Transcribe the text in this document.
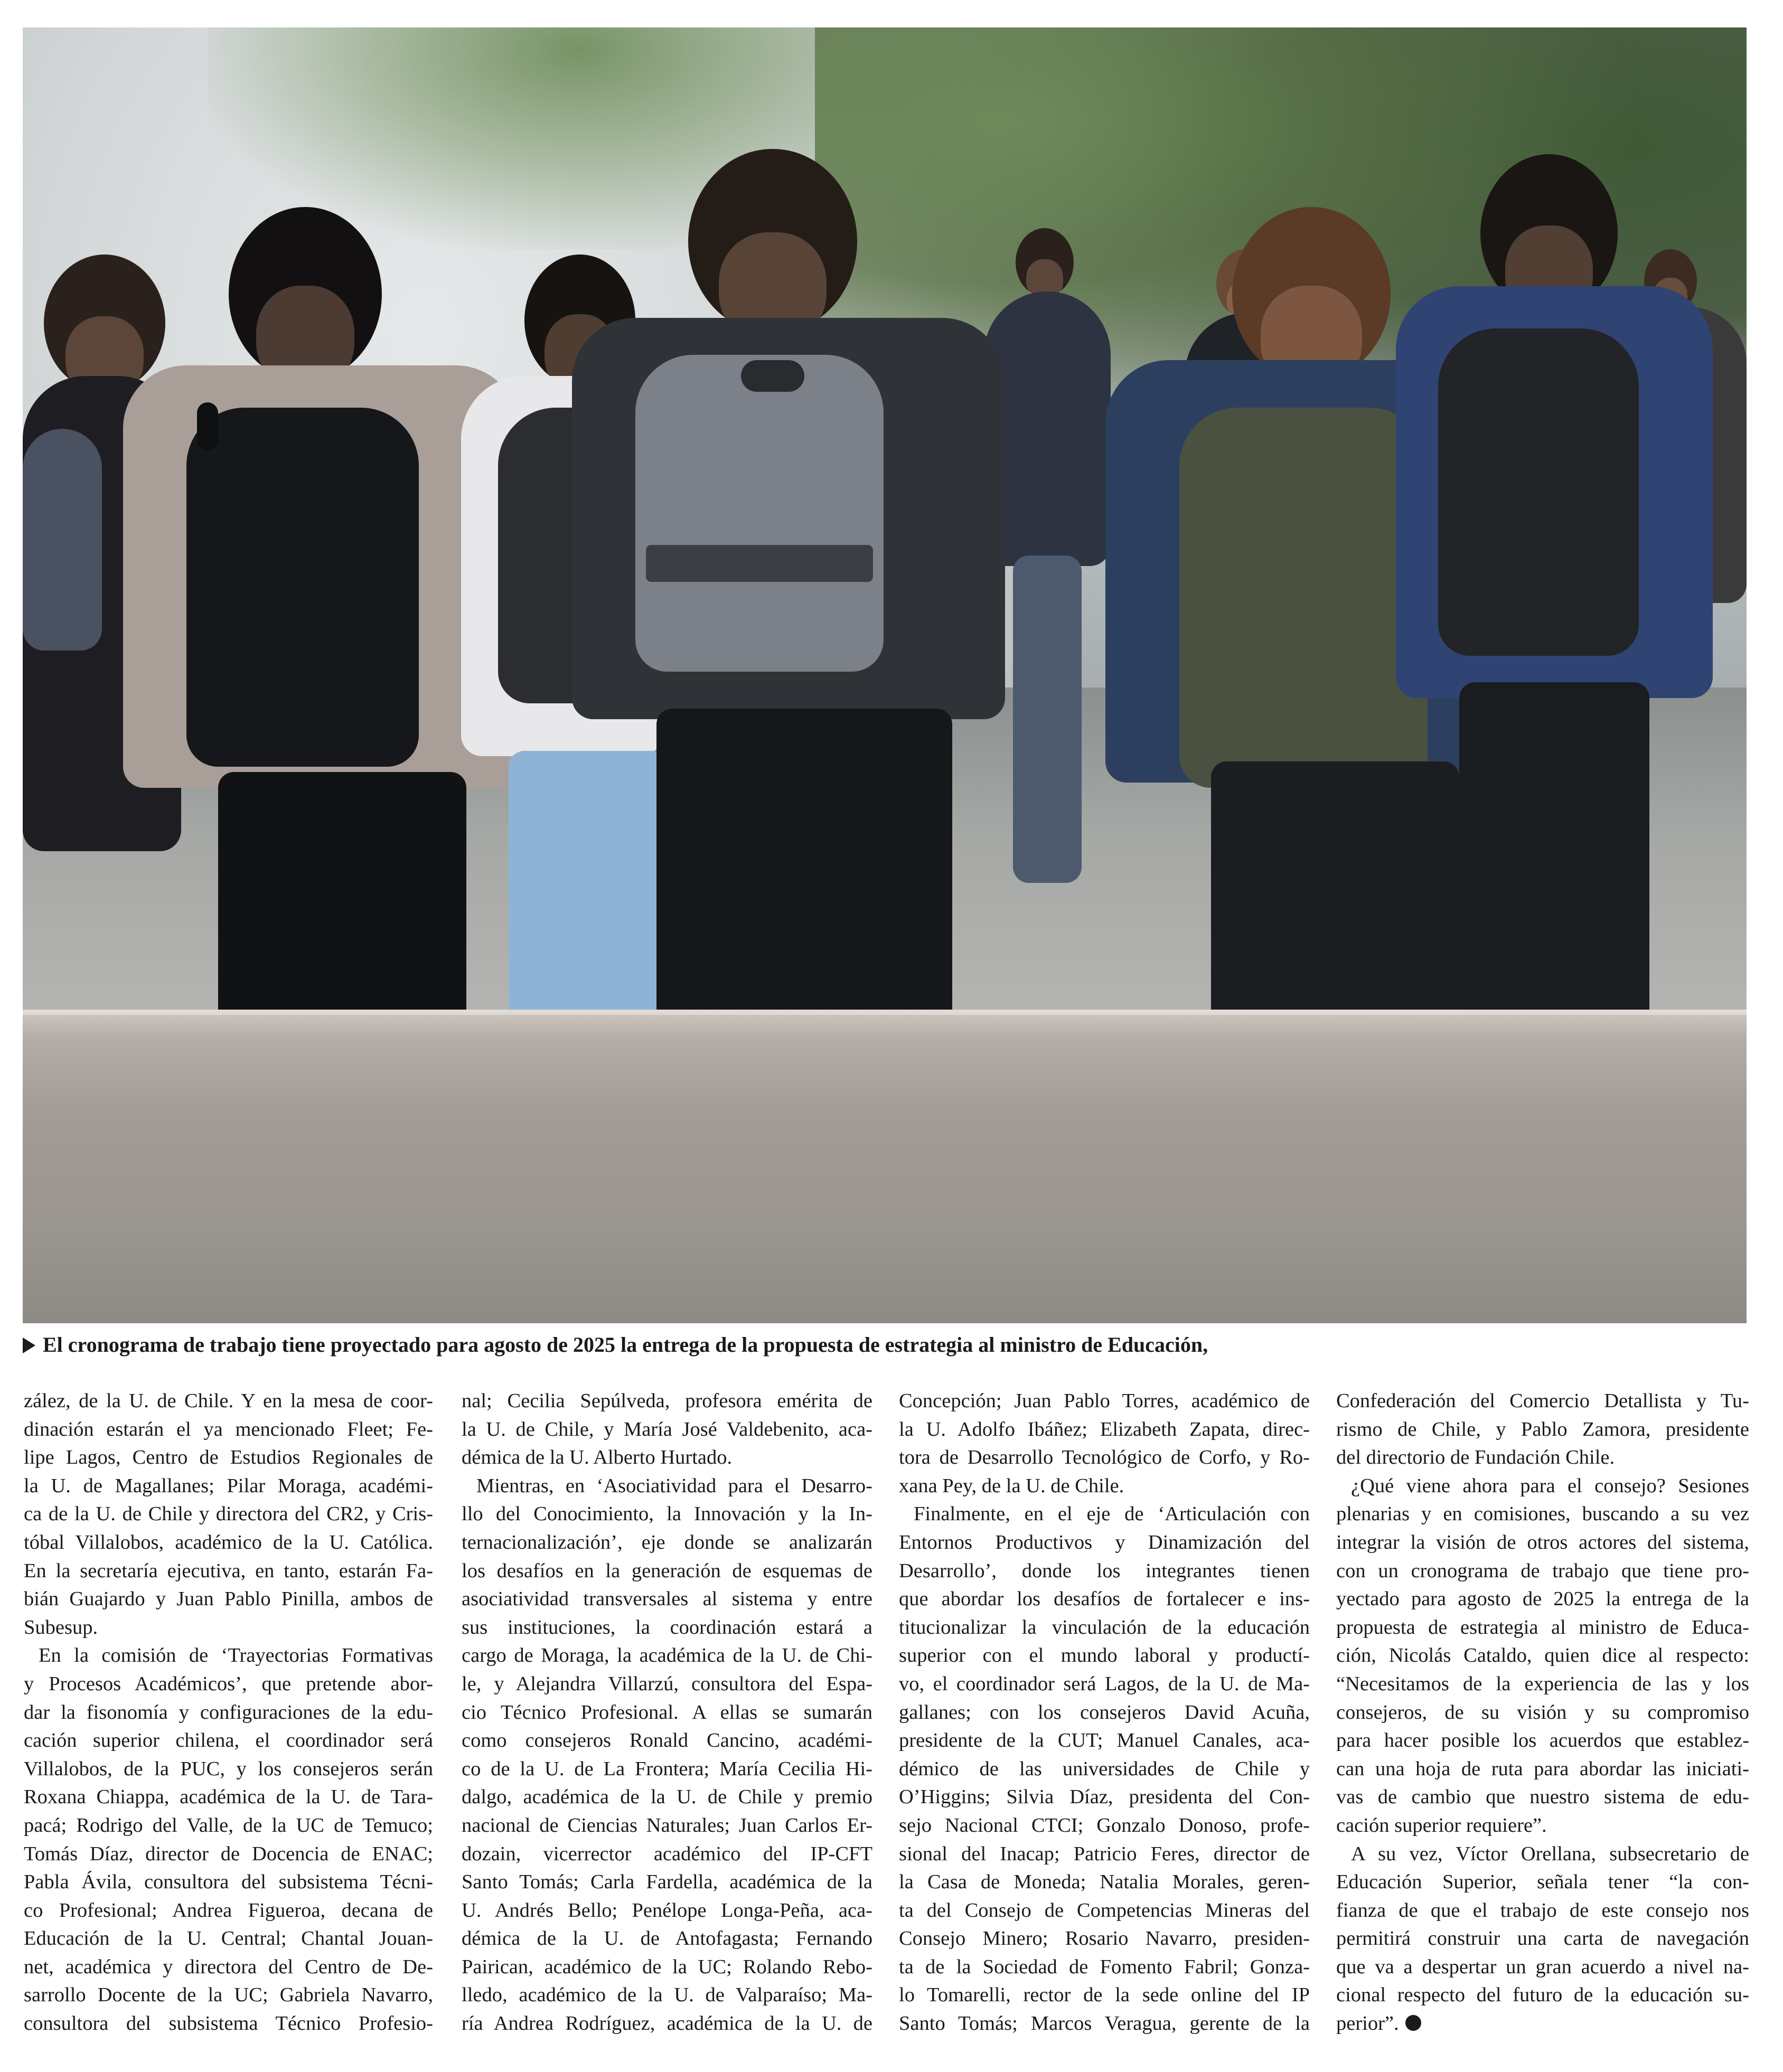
El cronograma de trabajo tiene proyectado para agosto de 2025 la entrega de la propuesta de estrategia al ministro de Educación,
zález, de la U. de Chile. Y en la mesa de coor-
dinación estarán el ya mencionado Fleet; Fe-
lipe Lagos, Centro de Estudios Regionales de
la U. de Magallanes; Pilar Moraga, académi-
ca de la U. de Chile y directora del CR2, y Cris-
tóbal Villalobos, académico de la U. Católica.
En la secretaría ejecutiva, en tanto, estarán Fa-
bián Guajardo y Juan Pablo Pinilla, ambos de
Subesup.
En la comisión de ‘Trayectorias Formativas
y Procesos Académicos’, que pretende abor-
dar la fisonomía y configuraciones de la edu-
cación superior chilena, el coordinador será
Villalobos, de la PUC, y los consejeros serán
Roxana Chiappa, académica de la U. de Tara-
pacá; Rodrigo del Valle, de la UC de Temuco;
Tomás Díaz, director de Docencia de ENAC;
Pabla Ávila, consultora del subsistema Técni-
co Profesional; Andrea Figueroa, decana de
Educación de la U. Central; Chantal Jouan-
net, académica y directora del Centro de De-
sarrollo Docente de la UC; Gabriela Navarro,
consultora del subsistema Técnico Profesio-
nal; Cecilia Sepúlveda, profesora emérita de
la U. de Chile, y María José Valdebenito, aca-
démica de la U. Alberto Hurtado.
Mientras, en ‘Asociatividad para el Desarro-
llo del Conocimiento, la Innovación y la In-
ternacionalización’, eje donde se analizarán
los desafíos en la generación de esquemas de
asociatividad transversales al sistema y entre
sus instituciones, la coordinación estará a
cargo de Moraga, la académica de la U. de Chi-
le, y Alejandra Villarzú, consultora del Espa-
cio Técnico Profesional. A ellas se sumarán
como consejeros Ronald Cancino, académi-
co de la U. de La Frontera; María Cecilia Hi-
dalgo, académica de la U. de Chile y premio
nacional de Ciencias Naturales; Juan Carlos Er-
dozain, vicerrector académico del IP-CFT
Santo Tomás; Carla Fardella, académica de la
U. Andrés Bello; Penélope Longa-Peña, aca-
démica de la U. de Antofagasta; Fernando
Pairican, académico de la UC; Rolando Rebo-
lledo, académico de la U. de Valparaíso; Ma-
ría Andrea Rodríguez, académica de la U. de
Concepción; Juan Pablo Torres, académico de
la U. Adolfo Ibáñez; Elizabeth Zapata, direc-
tora de Desarrollo Tecnológico de Corfo, y Ro-
xana Pey, de la U. de Chile.
Finalmente, en el eje de ‘Articulación con
Entornos Productivos y Dinamización del
Desarrollo’, donde los integrantes tienen
que abordar los desafíos de fortalecer e ins-
titucionalizar la vinculación de la educación
superior con el mundo laboral y productí-
vo, el coordinador será Lagos, de la U. de Ma-
gallanes; con los consejeros David Acuña,
presidente de la CUT; Manuel Canales, aca-
démico de las universidades de Chile y
O’Higgins; Silvia Díaz, presidenta del Con-
sejo Nacional CTCI; Gonzalo Donoso, profe-
sional del Inacap; Patricio Feres, director de
la Casa de Moneda; Natalia Morales, geren-
ta del Consejo de Competencias Mineras del
Consejo Minero; Rosario Navarro, presiden-
ta de la Sociedad de Fomento Fabril; Gonza-
lo Tomarelli, rector de la sede online del IP
Santo Tomás; Marcos Veragua, gerente de la
Confederación del Comercio Detallista y Tu-
rismo de Chile, y Pablo Zamora, presidente
del directorio de Fundación Chile.
¿Qué viene ahora para el consejo? Sesiones
plenarias y en comisiones, buscando a su vez
integrar la visión de otros actores del sistema,
con un cronograma de trabajo que tiene pro-
yectado para agosto de 2025 la entrega de la
propuesta de estrategia al ministro de Educa-
ción, Nicolás Cataldo, quien dice al respecto:
“Necesitamos de la experiencia de las y los
consejeros, de su visión y su compromiso
para hacer posible los acuerdos que establez-
can una hoja de ruta para abordar las iniciati-
vas de cambio que nuestro sistema de edu-
cación superior requiere”.
A su vez, Víctor Orellana, subsecretario de
Educación Superior, señala tener “la con-
fianza de que el trabajo de este consejo nos
permitirá construir una carta de navegación
que va a despertar un gran acuerdo a nivel na-
cional respecto del futuro de la educación su-
perior”.
